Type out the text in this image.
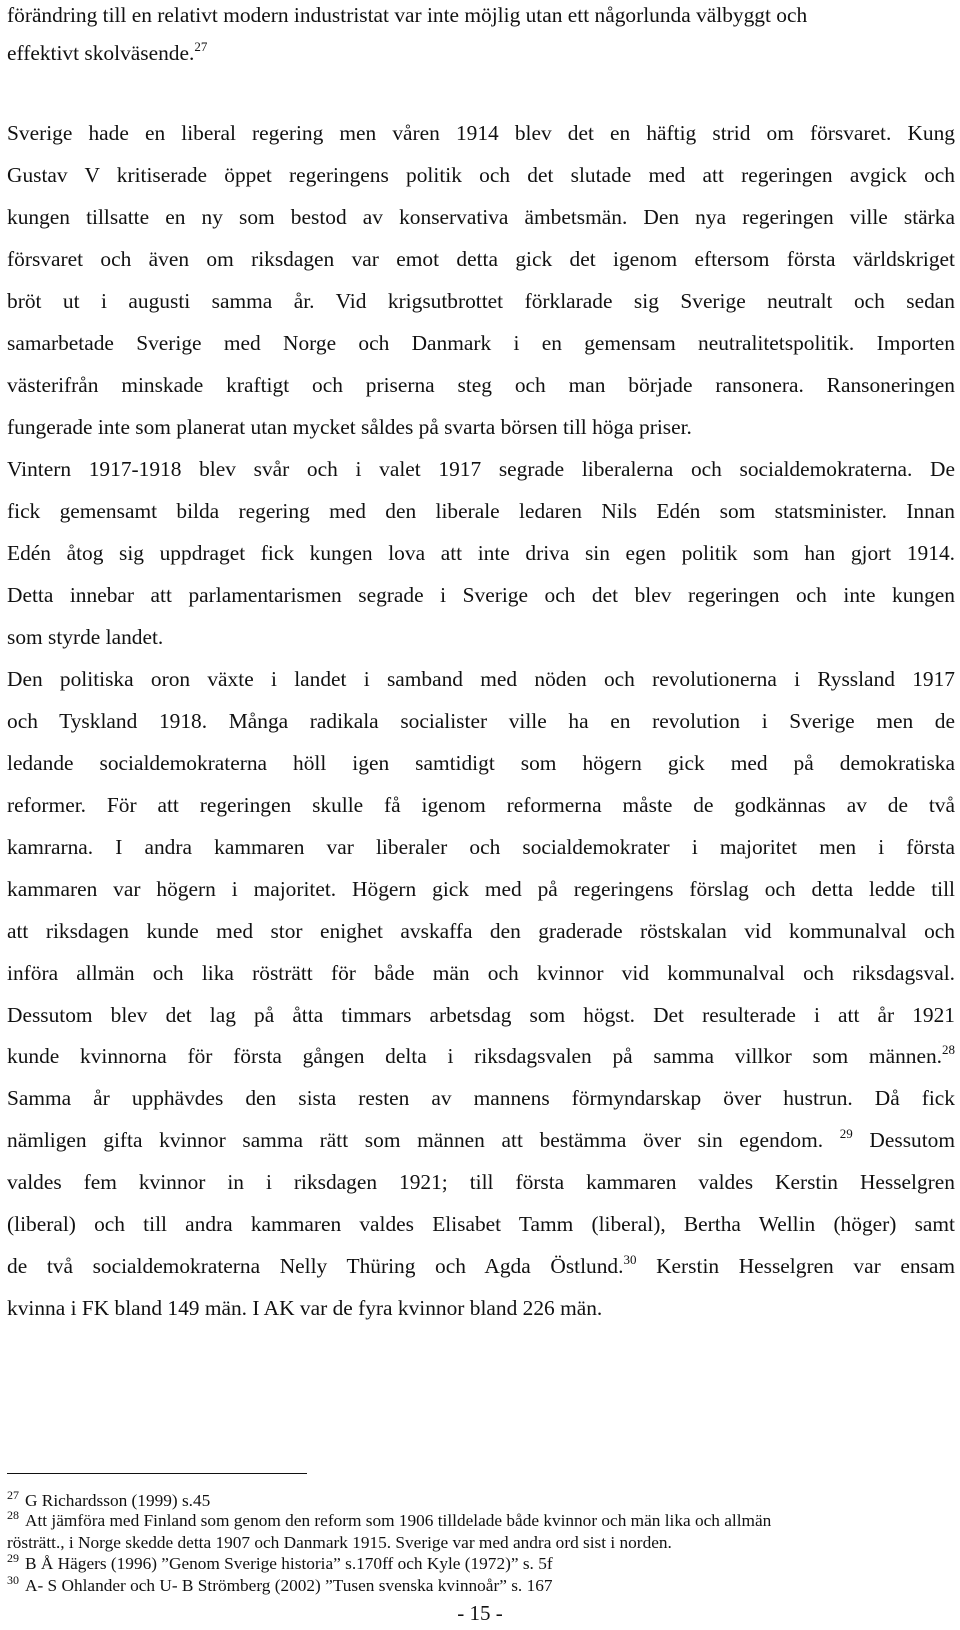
förändring till en relativt modern industristat var inte möjlig utan ett någorlunda välbyggt och
effektivt skolväsende.$^{27}$
Sverige hade en liberal regering men våren 1914 blev det en häftig strid om försvaret. Kung
Gustav V kritiserade öppet regeringens politik och det slutade med att regeringen avgick och
kungen tillsatte en ny som bestod av konservativa ämbetsmän. Den nya regeringen ville stärka
försvaret och även om riksdagen var emot detta gick det igenom eftersom första världskriget
bröt ut i augusti samma år. Vid krigsutbrottet förklarade sig Sverige neutralt och sedan
samarbetade Sverige med Norge och Danmark i en gemensam neutralitetspolitik. Importen
västerifrån minskade kraftigt och priserna steg och man började ransonera. Ransoneringen
fungerade inte som planerat utan mycket såldes på svarta börsen till höga priser.
Vintern 1917-1918 blev svår och i valet 1917 segrade liberalerna och socialdemokraterna. De
fick gemensamt bilda regering med den liberale ledaren Nils Edén som statsminister. Innan
Edén åtog sig uppdraget fick kungen lova att inte driva sin egen politik som han gjort 1914.
Detta innebar att parlamentarismen segrade i Sverige och det blev regeringen och inte kungen
som styrde landet.
Den politiska oron växte i landet i samband med nöden och revolutionerna i Ryssland 1917
och Tyskland 1918. Många radikala socialister ville ha en revolution i Sverige men de
ledande socialdemokraterna höll igen samtidigt som högern gick med på demokratiska
reformer. För att regeringen skulle få igenom reformerna måste de godkännas av de två
kamrarna. I andra kammaren var liberaler och socialdemokrater i majoritet men i första
kammaren var högern i majoritet. Högern gick med på regeringens förslag och detta ledde till
att riksdagen kunde med stor enighet avskaffa den graderade röstskalan vid kommunalval och
införa allmän och lika rösträtt för både män och kvinnor vid kommunalval och riksdagsval.
Dessutom blev det lag på åtta timmars arbetsdag som högst. Det resulterade i att år 1921
kunde kvinnorna för första gången delta i riksdagsvalen på samma villkor som männen.$^{28}$
Samma år upphävdes den sista resten av mannens förmyndarskap över hustrun. Då fick
nämligen gifta kvinnor samma rätt som männen att bestämma över sin egendom. $^{29}$ Dessutom
valdes fem kvinnor in i riksdagen 1921; till första kammaren valdes Kerstin Hesselgren
(liberal) och till andra kammaren valdes Elisabet Tamm (liberal), Bertha Wellin (höger) samt
de två socialdemokraterna Nelly Thüring och Agda Östlund.$^{30}$ Kerstin Hesselgren var ensam
kvinna i FK bland 149 män. I AK var de fyra kvinnor bland 226 män.
$^{27}$ G Richardsson (1999) s.45
$^{28}$ Att jämföra med Finland som genom den reform som 1906 tilldelade både kvinnor och män lika och allmän
rösträtt., i Norge skedde detta 1907 och Danmark 1915. Sverige var med andra ord sist i norden.
$^{29}$ B Å Hägers (1996) ”Genom Sverige historia” s.170ff och Kyle (1972)” s. 5f
$^{30}$ A- S Ohlander och U- B Strömberg (2002) ”Tusen svenska kvinnoår” s. 167
- 15 -
